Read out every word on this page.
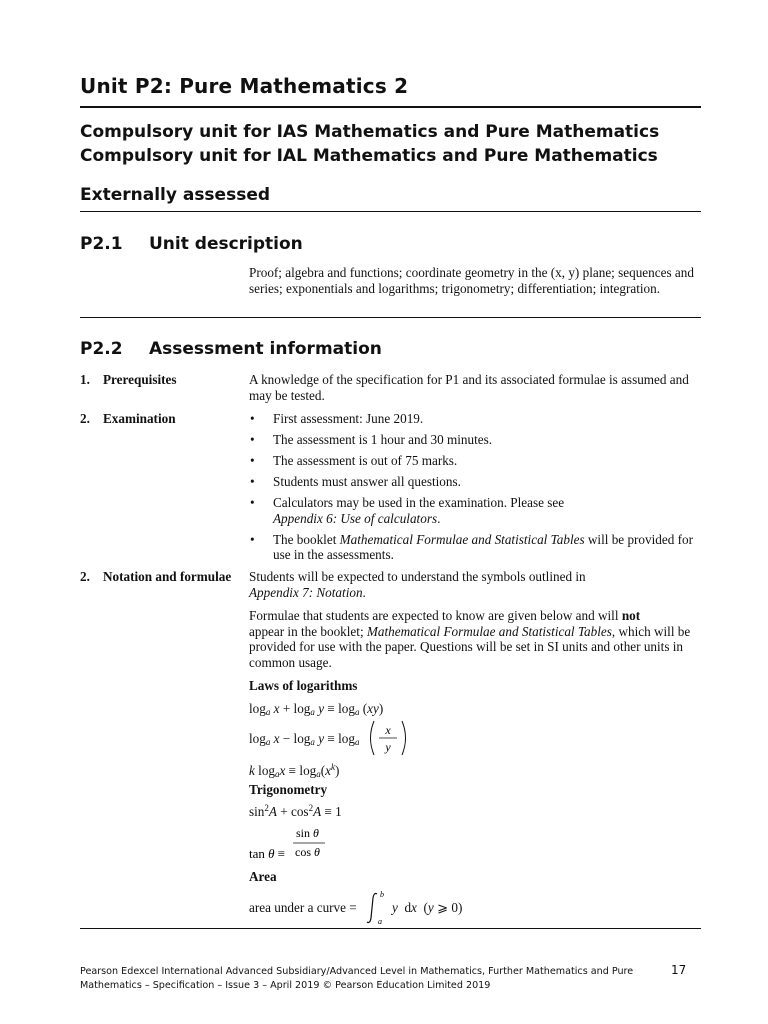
Unit P2: Pure Mathematics 2
Compulsory unit for IAS Mathematics and Pure Mathematics
Compulsory unit for IAL Mathematics and Pure Mathematics
Externally assessed
P2.1 Unit description
Proof; algebra and functions; coordinate geometry in the (x, y) plane; sequences and series; exponentials and logarithms; trigonometry; differentiation; integration.
P2.2 Assessment information
1. Prerequisites	A knowledge of the specification for P1 and its associated formulae is assumed and may be tested.
2. Examination	• First assessment: June 2019.
• The assessment is 1 hour and 30 minutes.
• The assessment is out of 75 marks.
• Students must answer all questions.
• Calculators may be used in the examination. Please see
Appendix 6: Use of calculators.
• The booklet Mathematical Formulae and Statistical Tables will be provided for use in the assessments.
2. Notation and formulae Students will be expected to understand the symbols outlined in
Appendix 7: Notation.
Formulae that students are expected to know are given below and will not
appear in the booklet; Mathematical Formulae and Statistical Tables, which will be provided for use with the paper. Questions will be set in SI units and other units in common usage.
Laws of logarithms
$\log_a x + \log_a y \equiv \log_a (xy)$
$\log_a x - \log_a y \equiv \log_a$
x
y
k $\log_ax \equiv \log_a(x^k)$
Trigonometry
$\sin^2A + \cos^2A \equiv 1$
sin θ
cos θ
tan θ ≡
Area
area under a curve =
b
a
y  dx  (y ⩾ 0)
Pearson Edexcel International Advanced Subsidiary/Advanced Level in Mathematics, Further Mathematics and Pure Mathematics – Specification – Issue 3 – April 2019 © Pearson Education Limited 2019
17
